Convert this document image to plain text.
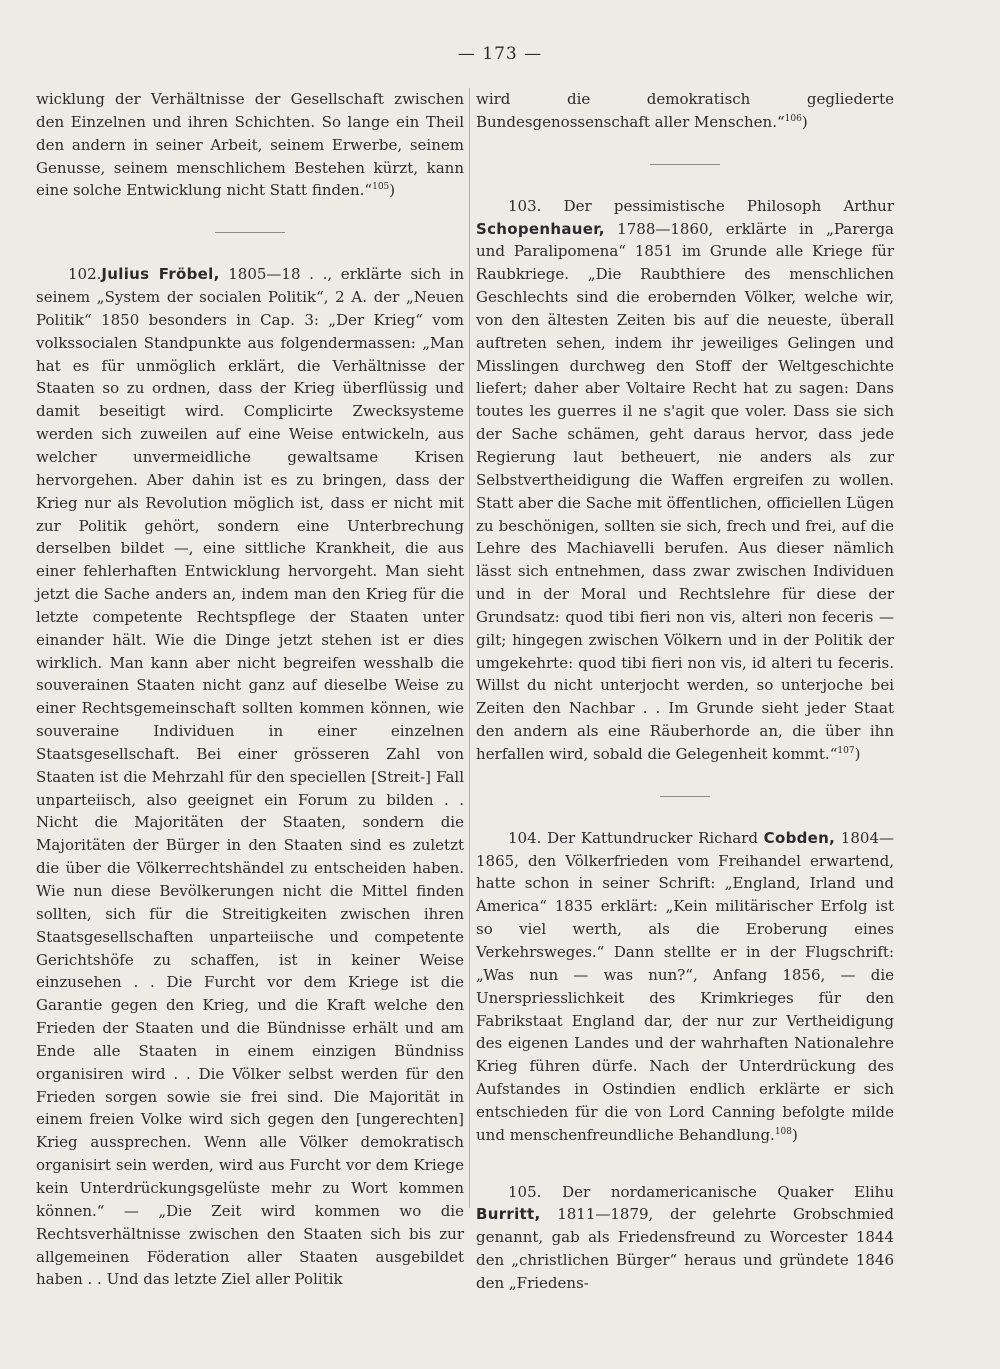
— 173 —

wicklung der Verhältnisse der Gesellschaft zwischen den Einzelnen und ihren Schichten. So lange ein Theil den andern in seiner Arbeit, seinem Erwerbe, seinem Genusse, seinem menschlichem Bestehen kürzt, kann eine solche Entwicklung nicht Statt finden.“$^{105}$)

102.Julius Fröbel, 1805—18 . ., erklärte sich in seinem „System der socialen Politik“, 2 A. der „Neuen Politik“ 1850 besonders in Cap. 3: „Der Krieg“ vom volkssocialen Standpunkte aus folgendermassen: „Man hat es für unmöglich erklärt, die Verhältnisse der Staaten so zu ordnen, dass der Krieg überflüssig und damit beseitigt wird. Complicirte Zwecksysteme werden sich zuweilen auf eine Weise entwickeln, aus welcher unvermeidliche gewaltsame Krisen hervorgehen. Aber dahin ist es zu bringen, dass der Krieg nur als Revolution möglich ist, dass er nicht mit zur Politik gehört, sondern eine Unterbrechung derselben bildet —, eine sittliche Krankheit, die aus einer fehlerhaften Entwicklung hervorgeht. Man sieht jetzt die Sache anders an, indem man den Krieg für die letzte competente Rechtspflege der Staaten unter einander hält. Wie die Dinge jetzt stehen ist er dies wirklich. Man kann aber nicht begreifen wesshalb die souverainen Staaten nicht ganz auf dieselbe Weise zu einer Rechtsgemeinschaft sollten kommen können, wie souveraine Individuen in einer einzelnen Staatsgesellschaft. Bei einer grösseren Zahl von Staaten ist die Mehrzahl für den speciellen [Streit-] Fall unparteiisch, also geeignet ein Forum zu bilden . . Nicht die Majoritäten der Staaten, sondern die Majoritäten der Bürger in den Staaten sind es zuletzt die über die Völkerrechtshändel zu entscheiden haben. Wie nun diese Bevölkerungen nicht die Mittel finden sollten, sich für die Streitigkeiten zwischen ihren Staatsgesellschaften unparteiische und competente Gerichtshöfe zu schaffen, ist in keiner Weise einzusehen . . Die Furcht vor dem Kriege ist die Garantie gegen den Krieg, und die Kraft welche den Frieden der Staaten und die Bündnisse erhält und am Ende alle Staaten in einem einzigen Bündniss organisiren wird . . Die Völker selbst werden für den Frieden sorgen sowie sie frei sind. Die Majorität in einem freien Volke wird sich gegen den [ungerechten] Krieg aussprechen. Wenn alle Völker demokratisch organisirt sein werden, wird aus Furcht vor dem Kriege kein Unterdrückungsgelüste mehr zu Wort kommen können.“ — „Die Zeit wird kommen wo die Rechtsverhältnisse zwischen den Staaten sich bis zur allgemeinen Föderation aller Staaten ausgebildet haben . . Und das letzte Ziel aller Politik

wird die demokratisch gegliederte Bundesgenossenschaft aller Menschen.“$^{106}$)

103. Der pessimistische Philosoph Arthur Schopenhauer, 1788—1860, erklärte in „Parerga und Paralipomena“ 1851 im Grunde alle Kriege für Raubkriege. „Die Raubthiere des menschlichen Geschlechts sind die erobernden Völker, welche wir, von den ältesten Zeiten bis auf die neueste, überall auftreten sehen, indem ihr jeweiliges Gelingen und Misslingen durchweg den Stoff der Weltgeschichte liefert; daher aber Voltaire Recht hat zu sagen: Dans toutes les guerres il ne s'agit que voler. Dass sie sich der Sache schämen, geht daraus hervor, dass jede Regierung laut betheuert, nie anders als zur Selbstvertheidigung die Waffen ergreifen zu wollen. Statt aber die Sache mit öffentlichen, officiellen Lügen zu beschönigen, sollten sie sich, frech und frei, auf die Lehre des Machiavelli berufen. Aus dieser nämlich lässt sich entnehmen, dass zwar zwischen Individuen und in der Moral und Rechtslehre für diese der Grundsatz: quod tibi fieri non vis, alteri non feceris — gilt; hingegen zwischen Völkern und in der Politik der umgekehrte: quod tibi fieri non vis, id alteri tu feceris. Willst du nicht unterjocht werden, so unterjoche bei Zeiten den Nachbar . . Im Grunde sieht jeder Staat den andern als eine Räuberhorde an, die über ihn herfallen wird, sobald die Gelegenheit kommt.“$^{107}$)

104. Der Kattundrucker Richard Cobden, 1804—1865, den Völkerfrieden vom Freihandel erwartend, hatte schon in seiner Schrift: „England, Irland und America“ 1835 erklärt: „Kein militärischer Erfolg ist so viel werth, als die Eroberung eines Verkehrsweges.“ Dann stellte er in der Flugschrift: „Was nun — was nun?“, Anfang 1856, — die Unerspriesslichkeit des Krimkrieges für den Fabrikstaat England dar, der nur zur Vertheidigung des eigenen Landes und der wahrhaften Nationalehre Krieg führen dürfe. Nach der Unterdrückung des Aufstandes in Ostindien endlich erklärte er sich entschieden für die von Lord Canning befolgte milde und menschenfreundliche Behandlung.$^{108}$)

105. Der nordamericanische Quaker Elihu Burritt, 1811—1879, der gelehrte Grobschmied genannt, gab als Friedensfreund zu Worcester 1844 den „christlichen Bürger“ heraus und gründete 1846 den „Friedens-
